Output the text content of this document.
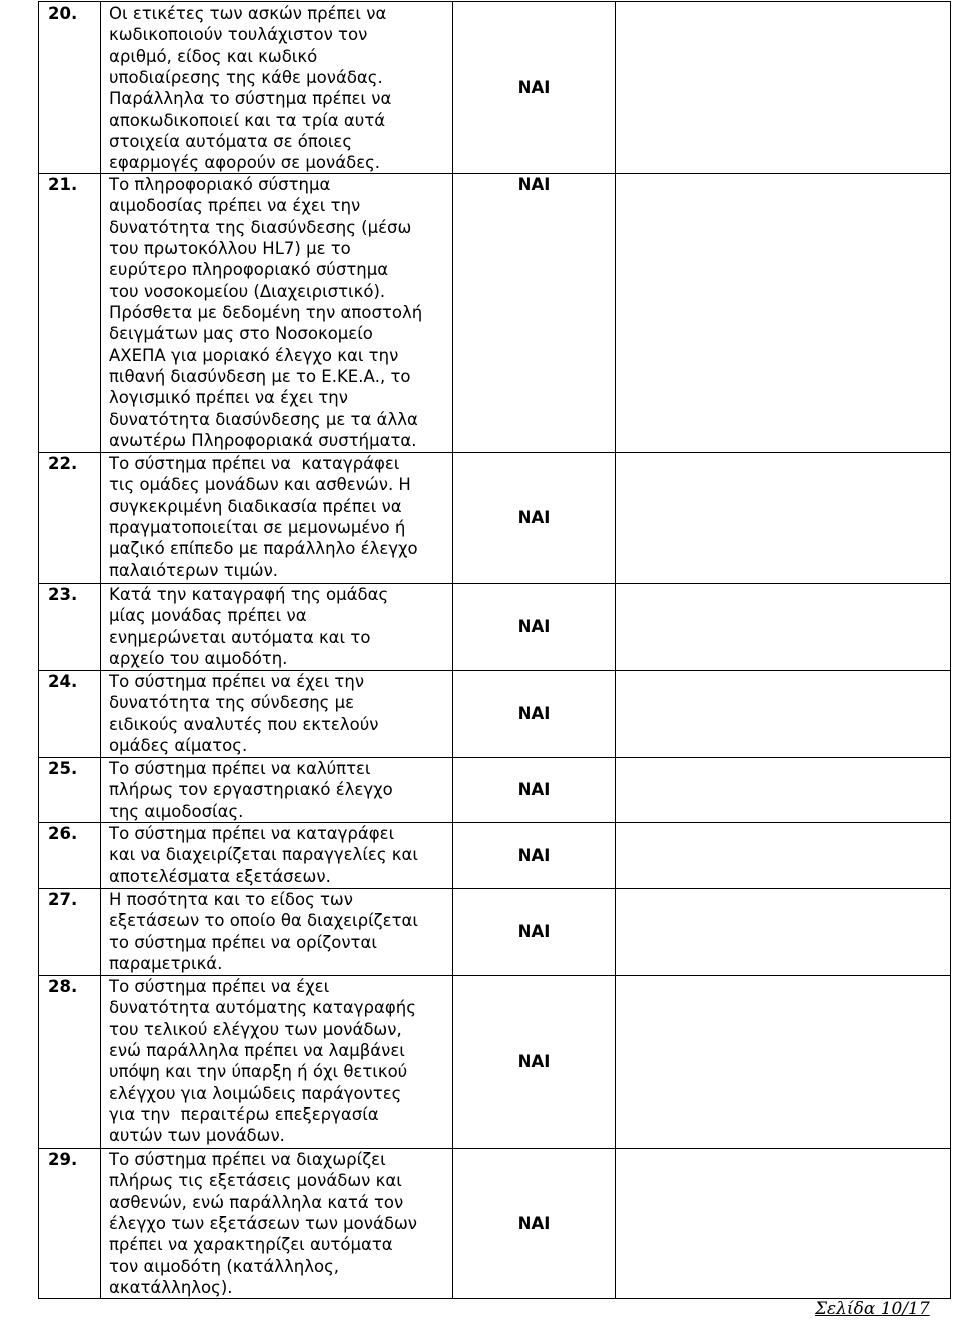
20.	Οι ετικέτες των ασκών πρέπει να
κωδικοποιούν τουλάχιστον τον
αριθμό, είδος και κωδικό
υποδιαίρεσης της κάθε μονάδας.
Παράλληλα το σύστημα πρέπει να
αποκωδικοποιεί και τα τρία αυτά
στοιχεία αυτόματα σε όποιες
εφαρμογές αφορούν σε μονάδες.
ΝΑΙ
21.	Το πληροφοριακό σύστημα
αιμοδοσίας πρέπει να έχει την
δυνατότητα της διασύνδεσης (μέσω
του πρωτοκόλλου HL7) με το
ευρύτερο πληροφοριακό σύστημα
του νοσοκομείου (Διαχειριστικό).
Πρόσθετα με δεδομένη την αποστολή
δειγμάτων μας στο Νοσοκομείο
ΑΧΕΠΑ για μοριακό έλεγχο και την
πιθανή διασύνδεση με το Ε.ΚΕ.Α., το
λογισμικό πρέπει να έχει την
δυνατότητα διασύνδεσης με τα άλλα
ανωτέρω Πληροφοριακά συστήματα.
ΝΑΙ
22.	Το σύστημα πρέπει να  καταγράφει
τις ομάδες μονάδων και ασθενών. Η
συγκεκριμένη διαδικασία πρέπει να
πραγματοποιείται σε μεμονωμένο ή
μαζικό επίπεδο με παράλληλο έλεγχο
παλαιότερων τιμών.
ΝΑΙ
23.	Κατά την καταγραφή της ομάδας
μίας μονάδας πρέπει να
ενημερώνεται αυτόματα και το
αρχείο του αιμοδότη.
ΝΑΙ
24.	Το σύστημα πρέπει να έχει την
δυνατότητα της σύνδεσης με
ειδικούς αναλυτές που εκτελούν
ομάδες αίματος.
ΝΑΙ
25.	Το σύστημα πρέπει να καλύπτει
πλήρως τον εργαστηριακό έλεγχο
της αιμοδοσίας.
ΝΑΙ
26.	Το σύστημα πρέπει να καταγράφει
και να διαχειρίζεται παραγγελίες και
αποτελέσματα εξετάσεων.
ΝΑΙ
27.	Η ποσότητα και το είδος των
εξετάσεων το οποίο θα διαχειρίζεται
το σύστημα πρέπει να ορίζονται
παραμετρικά.
ΝΑΙ
28.	Το σύστημα πρέπει να έχει
δυνατότητα αυτόματης καταγραφής
του τελικού ελέγχου των μονάδων,
ενώ παράλληλα πρέπει να λαμβάνει
υπόψη και την ύπαρξη ή όχι θετικού
ελέγχου για λοιμώδεις παράγοντες
για την  περαιτέρω επεξεργασία
αυτών των μονάδων.
ΝΑΙ
29.	Το σύστημα πρέπει να διαχωρίζει
πλήρως τις εξετάσεις μονάδων και
ασθενών, ενώ παράλληλα κατά τον
έλεγχο των εξετάσεων των μονάδων
πρέπει να χαρακτηρίζει αυτόματα
τον αιμοδότη (κατάλληλος,
ακατάλληλος).
ΝΑΙ
Σελίδα 10/17
